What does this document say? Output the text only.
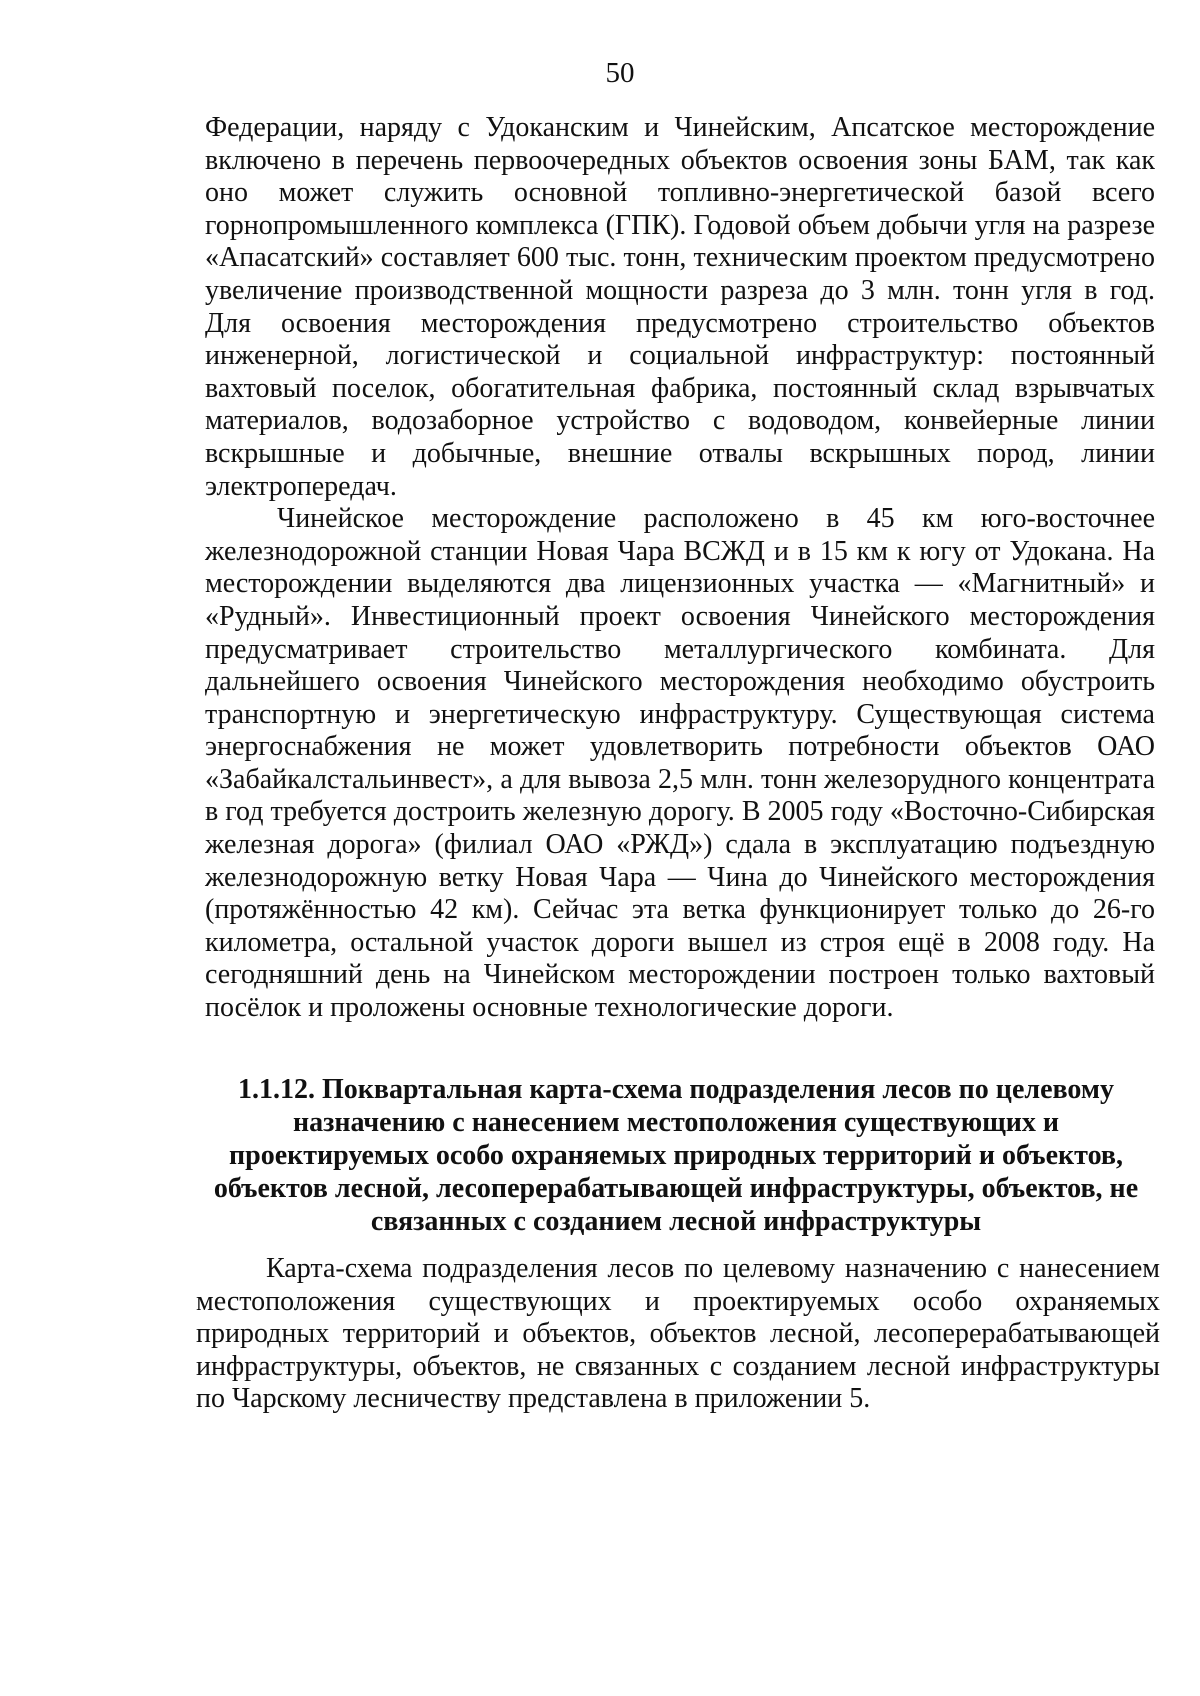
50

Федерации, наряду с Удоканским и Чинейским, Апсатское месторождение включено в перечень первоочередных объектов освоения зоны БАМ, так как оно может служить основной топливно-энергетической базой всего горнопромышленного комплекса (ГПК). Годовой объем добычи угля на разрезе «Апасатский» составляет 600 тыс. тонн, техническим проектом предусмотрено увеличение производственной мощности разреза до 3 млн. тонн угля в год. Для освоения месторождения предусмотрено строительство объектов инженерной, логистической и социальной инфраструктур: постоянный вахтовый поселок, обогатительная фабрика, постоянный склад взрывчатых материалов, водозаборное устройство с водоводом, конвейерные линии вскрышные и добычные, внешние отвалы вскрышных пород, линии электропередач.

Чинейское месторождение расположено в 45 км юго-восточнее железнодорожной станции Новая Чара ВСЖД и в 15 км к югу от Удокана. На месторождении выделяются два лицензионных участка — «Магнитный» и «Рудный». Инвестиционный проект освоения Чинейского месторождения предусматривает строительство металлургического комбината. Для дальнейшего освоения Чинейского месторождения необходимо обустроить транспортную и энергетическую инфраструктуру. Существующая система энергоснабжения не может удовлетворить потребности объектов ОАО «Забайкалстальинвест», а для вывоза 2,5 млн. тонн железорудного концентрата в год требуется достроить железную дорогу. В 2005 году «Восточно-Сибирская железная дорога» (филиал ОАО «РЖД») сдала в эксплуатацию подъездную железнодорожную ветку Новая Чара — Чина до Чинейского месторождения (протяжённостью 42 км). Сейчас эта ветка функционирует только до 26-го километра, остальной участок дороги вышел из строя ещё в 2008 году. На сегодняшний день на Чинейском месторождении построен только вахтовый посёлок и проложены основные технологические дороги.

1.1.12. Поквартальная карта-схема подразделения лесов по целевому назначению с нанесением местоположения существующих и проектируемых особо охраняемых природных территорий и объектов, объектов лесной, лесоперерабатывающей инфраструктуры, объектов, не связанных с созданием лесной инфраструктуры

Карта-схема подразделения лесов по целевому назначению с нанесением местоположения существующих и проектируемых особо охраняемых природных территорий и объектов, объектов лесной, лесоперерабатывающей инфраструктуры, объектов, не связанных с созданием лесной инфраструктуры по Чарскому лесничеству представлена в приложении 5.
